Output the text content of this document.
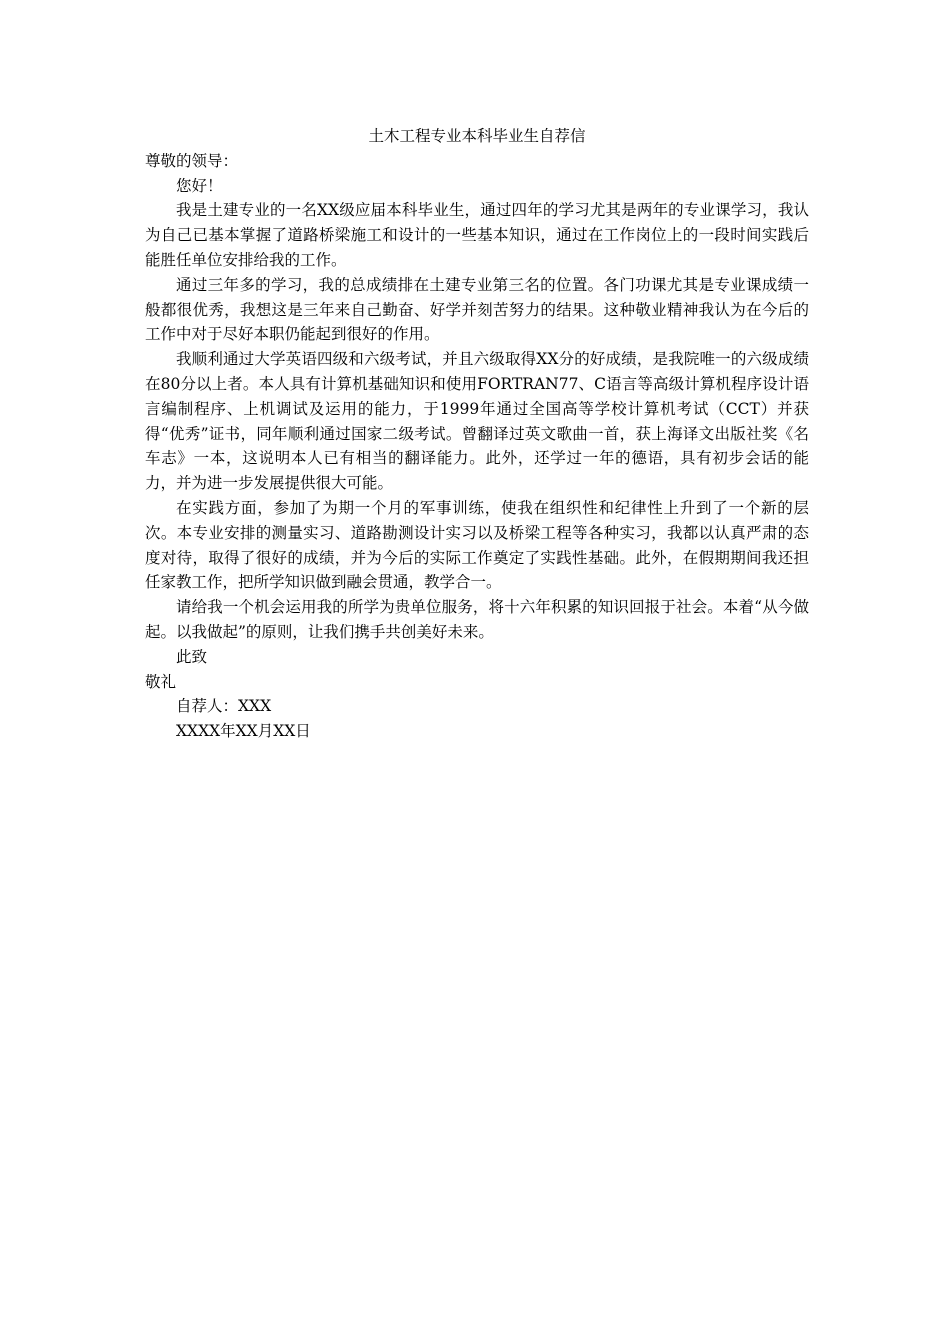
土木工程专业本科毕业生自荐信

尊敬的领导：

您好！

我是土建专业的一名XX级应届本科毕业生，通过四年的学习尤其是两年的专业课学习，我认为自己已基本掌握了道路桥梁施工和设计的一些基本知识，通过在工作岗位上的一段时间实践后能胜任单位安排给我的工作。

通过三年多的学习，我的总成绩排在土建专业第三名的位置。各门功课尤其是专业课成绩一般都很优秀，我想这是三年来自己勤奋、好学并刻苦努力的结果。这种敬业精神我认为在今后的工作中对于尽好本职仍能起到很好的作用。

我顺利通过大学英语四级和六级考试，并且六级取得XX分的好成绩，是我院唯一的六级成绩在80分以上者。本人具有计算机基础知识和使用FORTRAN77、C语言等高级计算机程序设计语言编制程序、上机调试及运用的能力，于1999年通过全国高等学校计算机考试（CCT）并获得“优秀”证书，同年顺利通过国家二级考试。曾翻译过英文歌曲一首，获上海译文出版社奖《名车志》一本，这说明本人已有相当的翻译能力。此外，还学过一年的德语，具有初步会话的能力，并为进一步发展提供很大可能。

在实践方面，参加了为期一个月的军事训练，使我在组织性和纪律性上升到了一个新的层次。本专业安排的测量实习、道路勘测设计实习以及桥梁工程等各种实习，我都以认真严肃的态度对待，取得了很好的成绩，并为今后的实际工作奠定了实践性基础。此外，在假期期间我还担任家教工作，把所学知识做到融会贯通，教学合一。

请给我一个机会运用我的所学为贵单位服务，将十六年积累的知识回报于社会。本着“从今做起。以我做起”的原则，让我们携手共创美好未来。

此致

敬礼

自荐人：XXX

XXXX年XX月XX日
